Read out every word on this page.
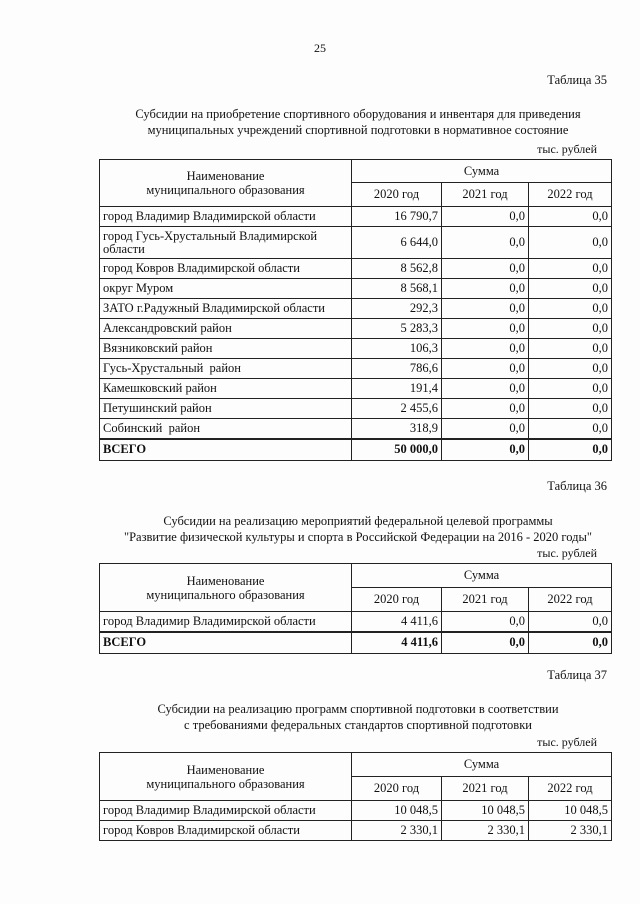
25
Таблица 35
Субсидии на приобретение спортивного оборудования и инвентаря для приведения
муниципальных учреждений спортивной подготовки в нормативное состояние
тыс. рублей
Наименование
муниципального образования	Сумма		
	2020 год	2021 год	2022 год
город Владимир Владимирской области	16 790,7	0,0	0,0
город Гусь-Хрустальный Владимирской области	6 644,0	0,0	0,0
город Ковров Владимирской области	8 562,8	0,0	0,0
округ Муром	8 568,1	0,0	0,0
ЗАТО г.Радужный Владимирской области	292,3	0,0	0,0
Александровский район	5 283,3	0,0	0,0
Вязниковский район	106,3	0,0	0,0
Гусь-Хрустальный  район	786,6	0,0	0,0
Камешковский район	191,4	0,0	0,0
Петушинский район	2 455,6	0,0	0,0
Собинский  район	318,9	0,0	0,0
ВСЕГО	50 000,0	0,0	0,0
Таблица 36
Субсидии на реализацию мероприятий федеральной целевой программы
"Развитие физической культуры и спорта в Российской Федерации на 2016 - 2020 годы"
тыс. рублей
Наименование
муниципального образования	Сумма		
	2020 год	2021 год	2022 год
город Владимир Владимирской области	4 411,6	0,0	0,0
ВСЕГО	4 411,6	0,0	0,0
Таблица 37
Субсидии на реализацию программ спортивной подготовки в соответствии
с требованиями федеральных стандартов спортивной подготовки
тыс. рублей
Наименование
муниципального образования	Сумма		
	2020 год	2021 год	2022 год
город Владимир Владимирской области	10 048,5	10 048,5	10 048,5
город Ковров Владимирской области	2 330,1	2 330,1	2 330,1
